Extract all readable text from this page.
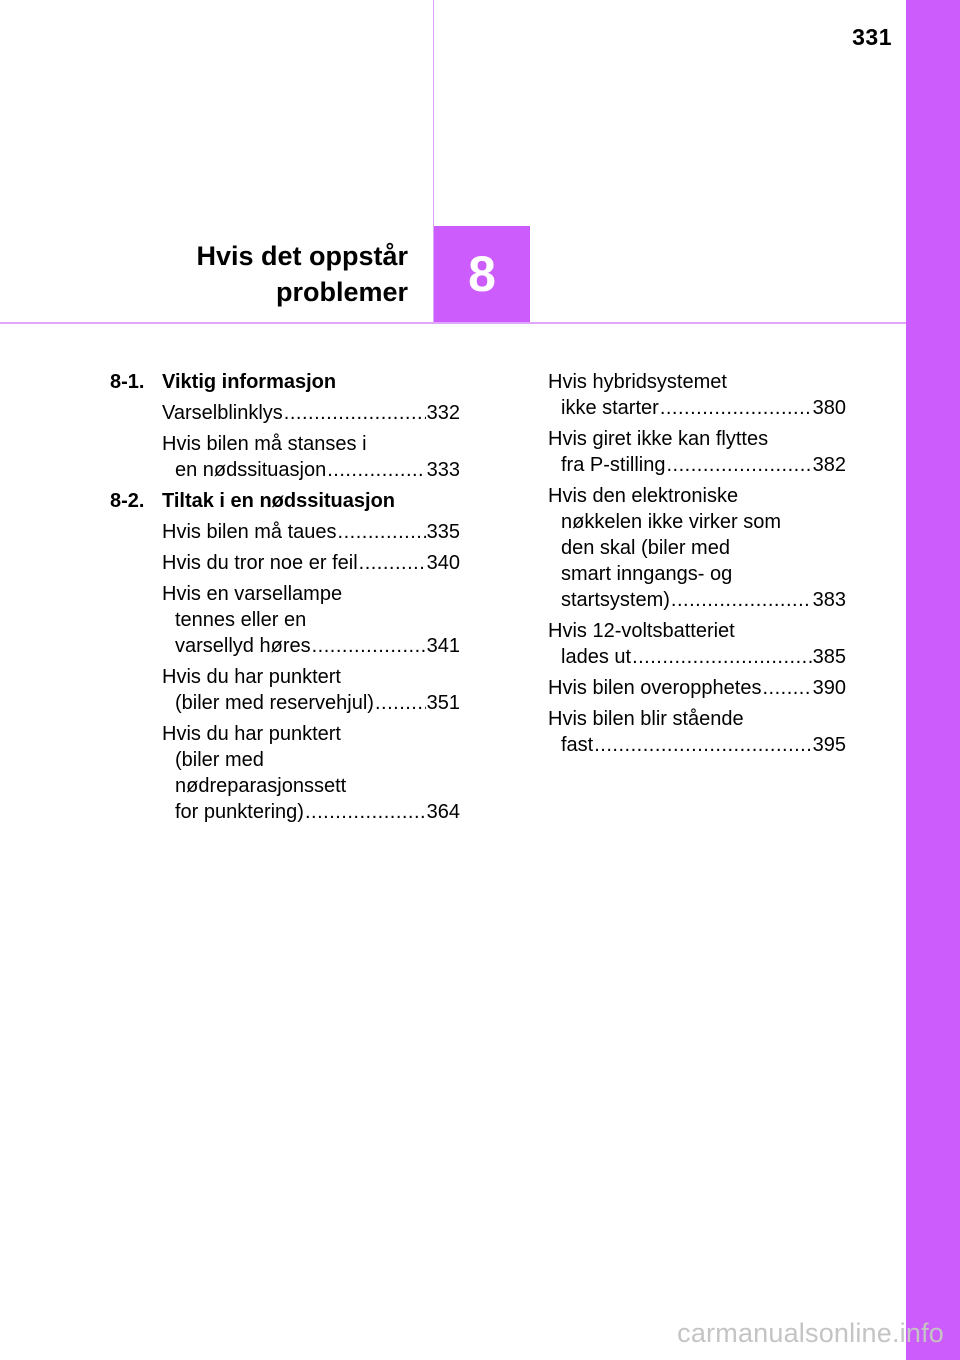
331
Hvis det oppstår
problemer	8
8-1. Viktig informasjon
Varselblinklys .....	332
Hvis bilen må stanses i
en nødssituasjon .....	333
8-2. Tiltak i en nødssituasjon
Hvis bilen må taues .....	335
Hvis du tror noe er feil .....	340
Hvis en varsellampe
tennes eller en
varsellyd høres .....	341
Hvis du har punktert
(biler med reservehjul) .....	351
Hvis du har punktert
(biler med
nødreparasjonssett
for punktering) .....	364
Hvis hybridsystemet
ikke starter .....	380
Hvis giret ikke kan flyttes
fra P-stilling .....	382
Hvis den elektroniske
nøkkelen ikke virker som
den skal (biler med
smart inngangs- og
startsystem) .....	383
Hvis 12-voltsbatteriet
lades ut .....	385
Hvis bilen overopphetes .....	390
Hvis bilen blir stående
fast .....	395
carmanualsonline.info
